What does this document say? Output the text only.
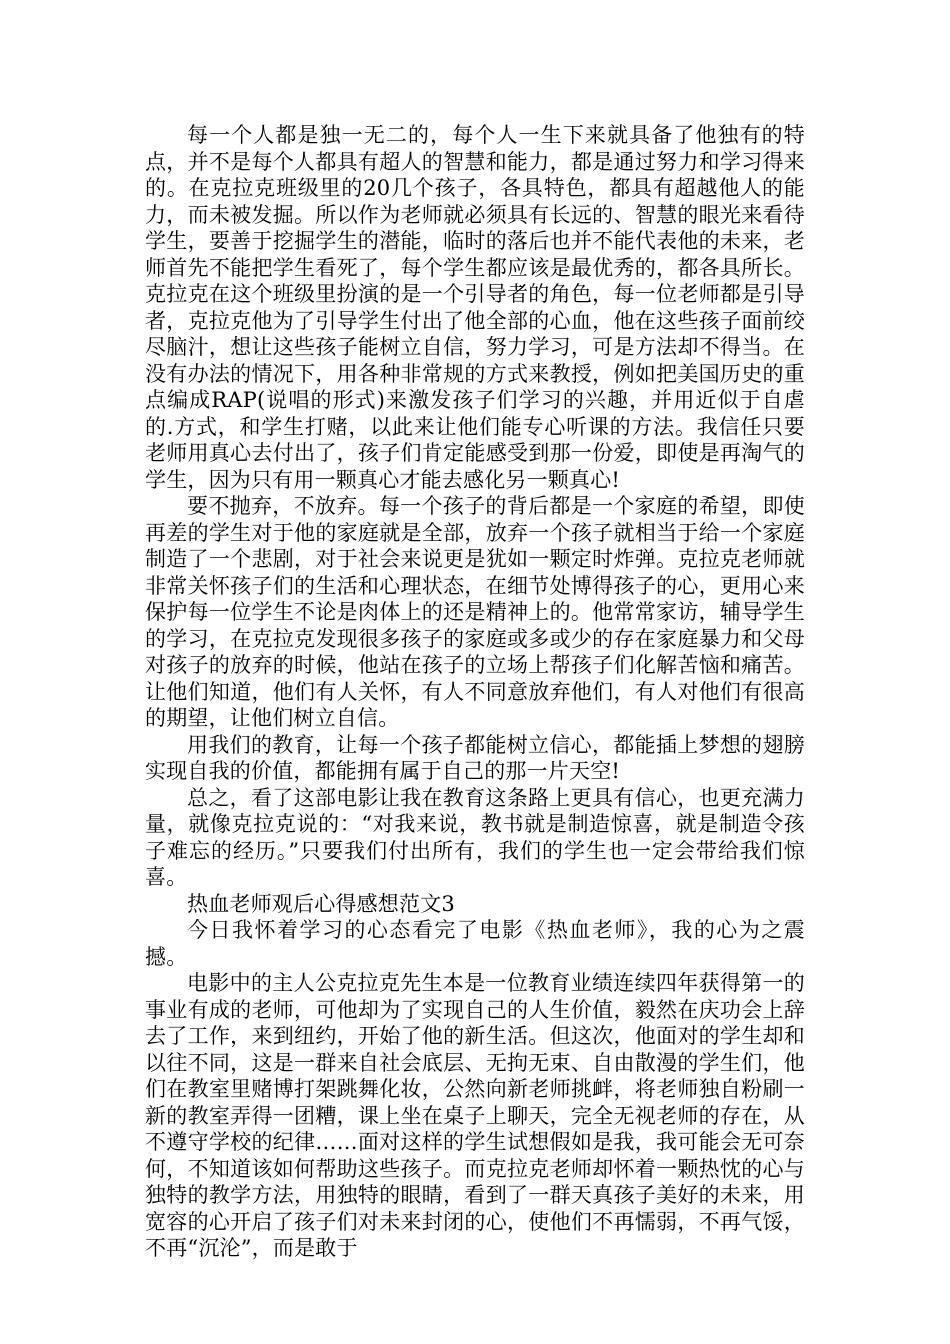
每一个人都是独一无二的，每个人一生下来就具备了他独有的特点，并不是每个人都具有超人的智慧和能力，都是通过努力和学习得来的。在克拉克班级里的20几个孩子，各具特色，都具有超越他人的能力，而未被发掘。所以作为老师就必须具有长远的、智慧的眼光来看待学生，要善于挖掘学生的潜能，临时的落后也并不能代表他的未来，老师首先不能把学生看死了，每个学生都应该是最优秀的，都各具所长。克拉克在这个班级里扮演的是一个引导者的角色，每一位老师都是引导者，克拉克他为了引导学生付出了他全部的心血，他在这些孩子面前绞尽脑汁，想让这些孩子能树立自信，努力学习，可是方法却不得当。在没有办法的情况下，用各种非常规的方式来教授，例如把美国历史的重点编成RAP(说唱的形式)来激发孩子们学习的兴趣，并用近似于自虐的.方式，和学生打赌，以此来让他们能专心听课的方法。我信任只要老师用真心去付出了，孩子们肯定能感受到那一份爱，即使是再淘气的学生，因为只有用一颗真心才能去感化另一颗真心!

要不抛弃，不放弃。每一个孩子的背后都是一个家庭的希望，即使再差的学生对于他的家庭就是全部，放弃一个孩子就相当于给一个家庭制造了一个悲剧，对于社会来说更是犹如一颗定时炸弹。克拉克老师就非常关怀孩子们的生活和心理状态，在细节处博得孩子的心，更用心来保护每一位学生不论是肉体上的还是精神上的。他常常家访，辅导学生的学习，在克拉克发现很多孩子的家庭或多或少的存在家庭暴力和父母对孩子的放弃的时候，他站在孩子的立场上帮孩子们化解苦恼和痛苦。让他们知道，他们有人关怀，有人不同意放弃他们，有人对他们有很高的期望，让他们树立自信。

用我们的教育，让每一个孩子都能树立信心，都能插上梦想的翅膀实现自我的价值，都能拥有属于自己的那一片天空!

总之，看了这部电影让我在教育这条路上更具有信心，也更充满力量，就像克拉克说的：“对我来说，教书就是制造惊喜，就是制造令孩子难忘的经历。”只要我们付出所有，我们的学生也一定会带给我们惊喜。

热血老师观后心得感想范文3

今日我怀着学习的心态看完了电影《热血老师》，我的心为之震撼。

电影中的主人公克拉克先生本是一位教育业绩连续四年获得第一的事业有成的老师，可他却为了实现自己的人生价值，毅然在庆功会上辞去了工作，来到纽约，开始了他的新生活。但这次，他面对的学生却和以往不同，这是一群来自社会底层、无拘无束、自由散漫的学生们，他们在教室里赌博打架跳舞化妆，公然向新老师挑衅，将老师独自粉刷一新的教室弄得一团糟，课上坐在桌子上聊天，完全无视老师的存在，从不遵守学校的纪律……面对这样的学生试想假如是我，我可能会无可奈何，不知道该如何帮助这些孩子。而克拉克老师却怀着一颗热忱的心与独特的教学方法，用独特的眼睛，看到了一群天真孩子美好的未来，用宽容的心开启了孩子们对未来封闭的心，使他们不再懦弱，不再气馁，不再“沉沦”，而是敢于
